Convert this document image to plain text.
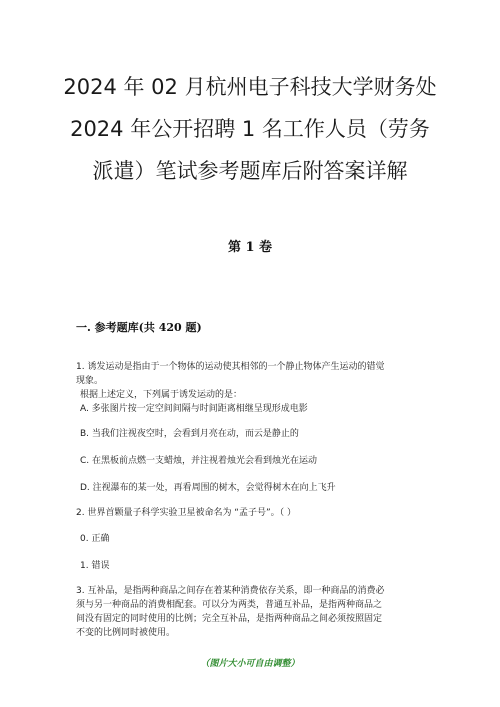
2024 年 02 月杭州电子科技大学财务处
2024 年公开招聘 1 名工作人员（劳务
派遣）笔试参考题库后附答案详解
第 1 卷
一. 参考题库(共 420 题)

1. 诱发运动是指由于一个物体的运动使其相邻的一个静止物体产生运动的错觉

现象。

根据上述定义，下列属于诱发运动的是：

A. 多张图片按一定空间间隔与时间距离相继呈现形成电影

B. 当我们注视夜空时，会看到月亮在动，而云是静止的
C. 在黑板前点燃一支蜡烛，并注视着烛光会看到烛光在运动
D. 注视瀑布的某一处，再看周围的树木，会觉得树木在向上飞升

2. 世界首颗量子科学实验卫星被命名为 “孟子号”。（ ）

0. 正确
1. 错误

3. 互补品，是指两种商品之间存在着某种消费依存关系，即一种商品的消费必

须与另一种商品的消费相配套。可以分为两类，普通互补品，是指两种商品之

间没有固定的同时使用的比例；完全互补品，是指两种商品之间必须按照固定

不变的比例同时被使用。

（图片大小可自由调整）
